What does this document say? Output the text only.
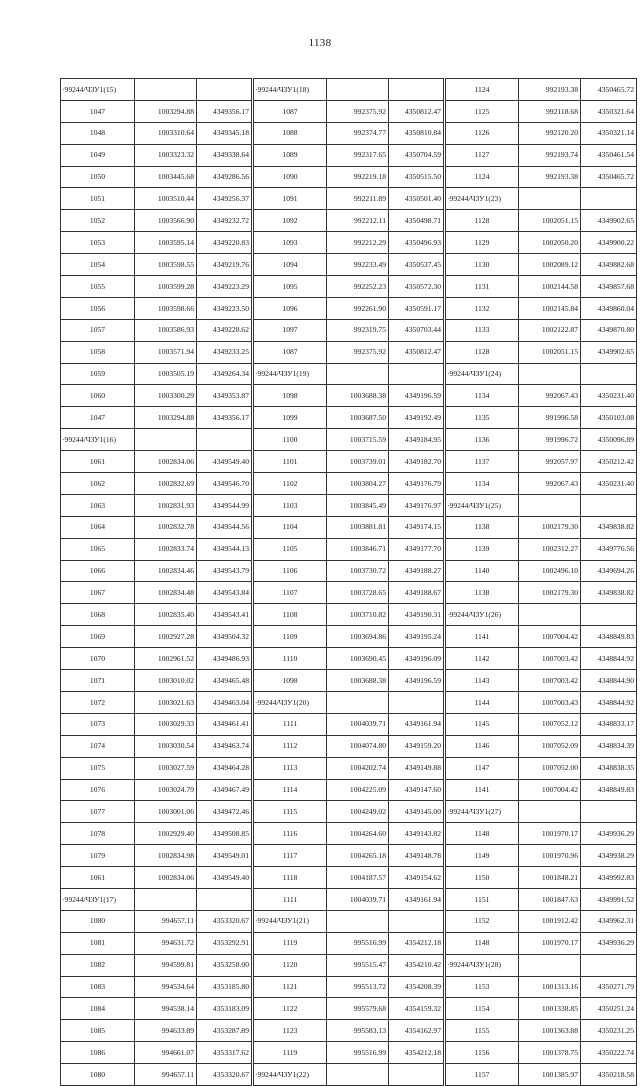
1138
·99244/ЧЗУ1(15)			·99244/ЧЗУ1(18)			1124	992193.38	4350465.72
1047	1003294.88	4349356.17	1087	992375.92	4350812.47	1125	992118.68	4350321.64
1048	1003310.64	4349345.18	1088	992374.77	4350810.84	1126	992120.20	4350321.14
1049	1003323.32	4349338.64	1089	992317.65	4350704.59	1127	992193.74	4350461.54
1050	1003445.68	4349286.56	1090	992219.18	4350515.50	1124	992193.38	4350465.72
1051	1003510.44	4349256.37	1091	992211.89	4350501.40	·99244/ЧЗУ1(23)		
1052	1003566.90	4349232.72	1092	992212.11	4350498.71	1128	1002051.15	4349902.65
1053	1003595.14	4349220.83	1093	992212.29	4350496.93	1129	1002050.20	4349900.22
1054	1003598.55	4349219.76	1094	992233.49	4350537.45	1130	1002089.12	4349882.68
1055	1003599.28	4349223.29	1095	992252.23	4350572.30	1131	1002144.58	4349857.68
1056	1003598.66	4349223.50	1096	992261.90	4350591.17	1132	1002145.84	4349860.04
1057	1003586.93	4349228.62	1097	992319.75	4350703.44	1133	1002122.87	4349870.80
1058	1003571.94	4349233.25	1087	992375.92	4350812.47	1128	1002051.15	4349902.65
1059	1003505.19	4349264.34	·99244/ЧЗУ1(19)			·99244/ЧЗУ1(24)		
1060	1003300.29	4349353.87	1098	1003688.38	4349196.59	1134	992067.43	4350231.40
1047	1003294.88	4349356.17	1099	1003687.50	4349192.49	1135	991996.58	4350103.08
·99244/ЧЗУ1(16)			1100	1003715.59	4349184.95	1136	991996.72	4350096.89
1061	1002834.06	4349549.40	1101	1003739.01	4349182.70	1137	992057.97	4350212.42
1062	1002832.69	4349546.70	1102	1003804.27	4349176.79	1134	992067.43	4350231.40
1063	1002831.93	4349544.99	1103	1003845.49	4349176.97	·99244/ЧЗУ1(25)		
1064	1002832.78	4349544.56	1104	1003881.81	4349174.15	1138	1002179.30	4349838.82
1065	1002833.74	4349544.13	1105	1003846.71	4349177.70	1139	1002312.27	4349776.56
1066	1002834.46	4349543.79	1106	1003730.72	4349188.27	1140	1002496.10	4349694.26
1067	1002834.48	4349543.84	1107	1003728.65	4349188.67	1138	1002179.30	4349838.82
1068	1002835.40	4349543.41	1108	1003710.82	4349190.31	·99244/ЧЗУ1(26)		
1069	1002927.28	4349504.32	1109	1003694.86	4349195.24	1141	1007004.42	4348849.83
1070	1002961.52	4349486.93	1110	1003690.45	4349196.09	1142	1007003.42	4348844.92
1071	1003010.02	4349465.48	1098	1003688.38	4349196.59	1143	1007003.42	4348844.90
1072	1003021.63	4349463.04	·99244/ЧЗУ1(20)			1144	1007003.43	4348844.92
1073	1003029.33	4349461.41	1111	1004039.71	4349161.94	1145	1007052.12	4348833.17
1074	1003030.54	4349463.74	1112	1004074.80	4349159.20	1146	1007052.09	4348834.39
1075	1003027.59	4349464.28	1113	1004202.74	4349149.88	1147	1007052.00	4348838.35
1076	1003024.79	4349467.49	1114	1004225.09	4349147.60	1141	1007004.42	4348849.83
1077	1003001.06	4349472.46	1115	1004249.02	4349145.00	·99244/ЧЗУ1(27)		
1078	1002929.40	4349508.85	1116	1004264.60	4349143.82	1148	1001970.17	4349936.29
1079	1002834.98	4349549.01	1117	1004265.18	4349148.78	1149	1001970.96	4349938.29
1061	1002834.06	4349549.40	1118	1004187.57	4349154.62	1150	1001848.21	4349992.83
·99244/ЧЗУ1(17)			1111	1004039.71	4349161.94	1151	1001847.63	4349991.52
1080	994657.11	4353320.67	·99244/ЧЗУ1(21)			1152	1001912.42	4349962.31
1081	994631.72	4353292.91	1119	995516.99	4354212.18	1148	1001970.17	4349936.29
1082	994599.81	4353258.00	1120	995515.47	4354210.42	·99244/ЧЗУ1(28)		
1083	994534.64	4353185.80	1121	995513.72	4354208.39	1153	1001313.16	4350271.79
1084	994538.14	4353183.09	1122	995579.68	4354159.32	1154	1001338.85	4350251.24
1085	994633.89	4353287.89	1123	995583.13	4354162.97	1155	1001363.88	4350231.25
1086	994661.07	4353317.62	1119	995516.99	4354212.18	1156	1001378.75	4350222.74
1080	994657.11	4353320.67	·99244/ЧЗУ1(22)			1157	1001385.97	4350218.58
